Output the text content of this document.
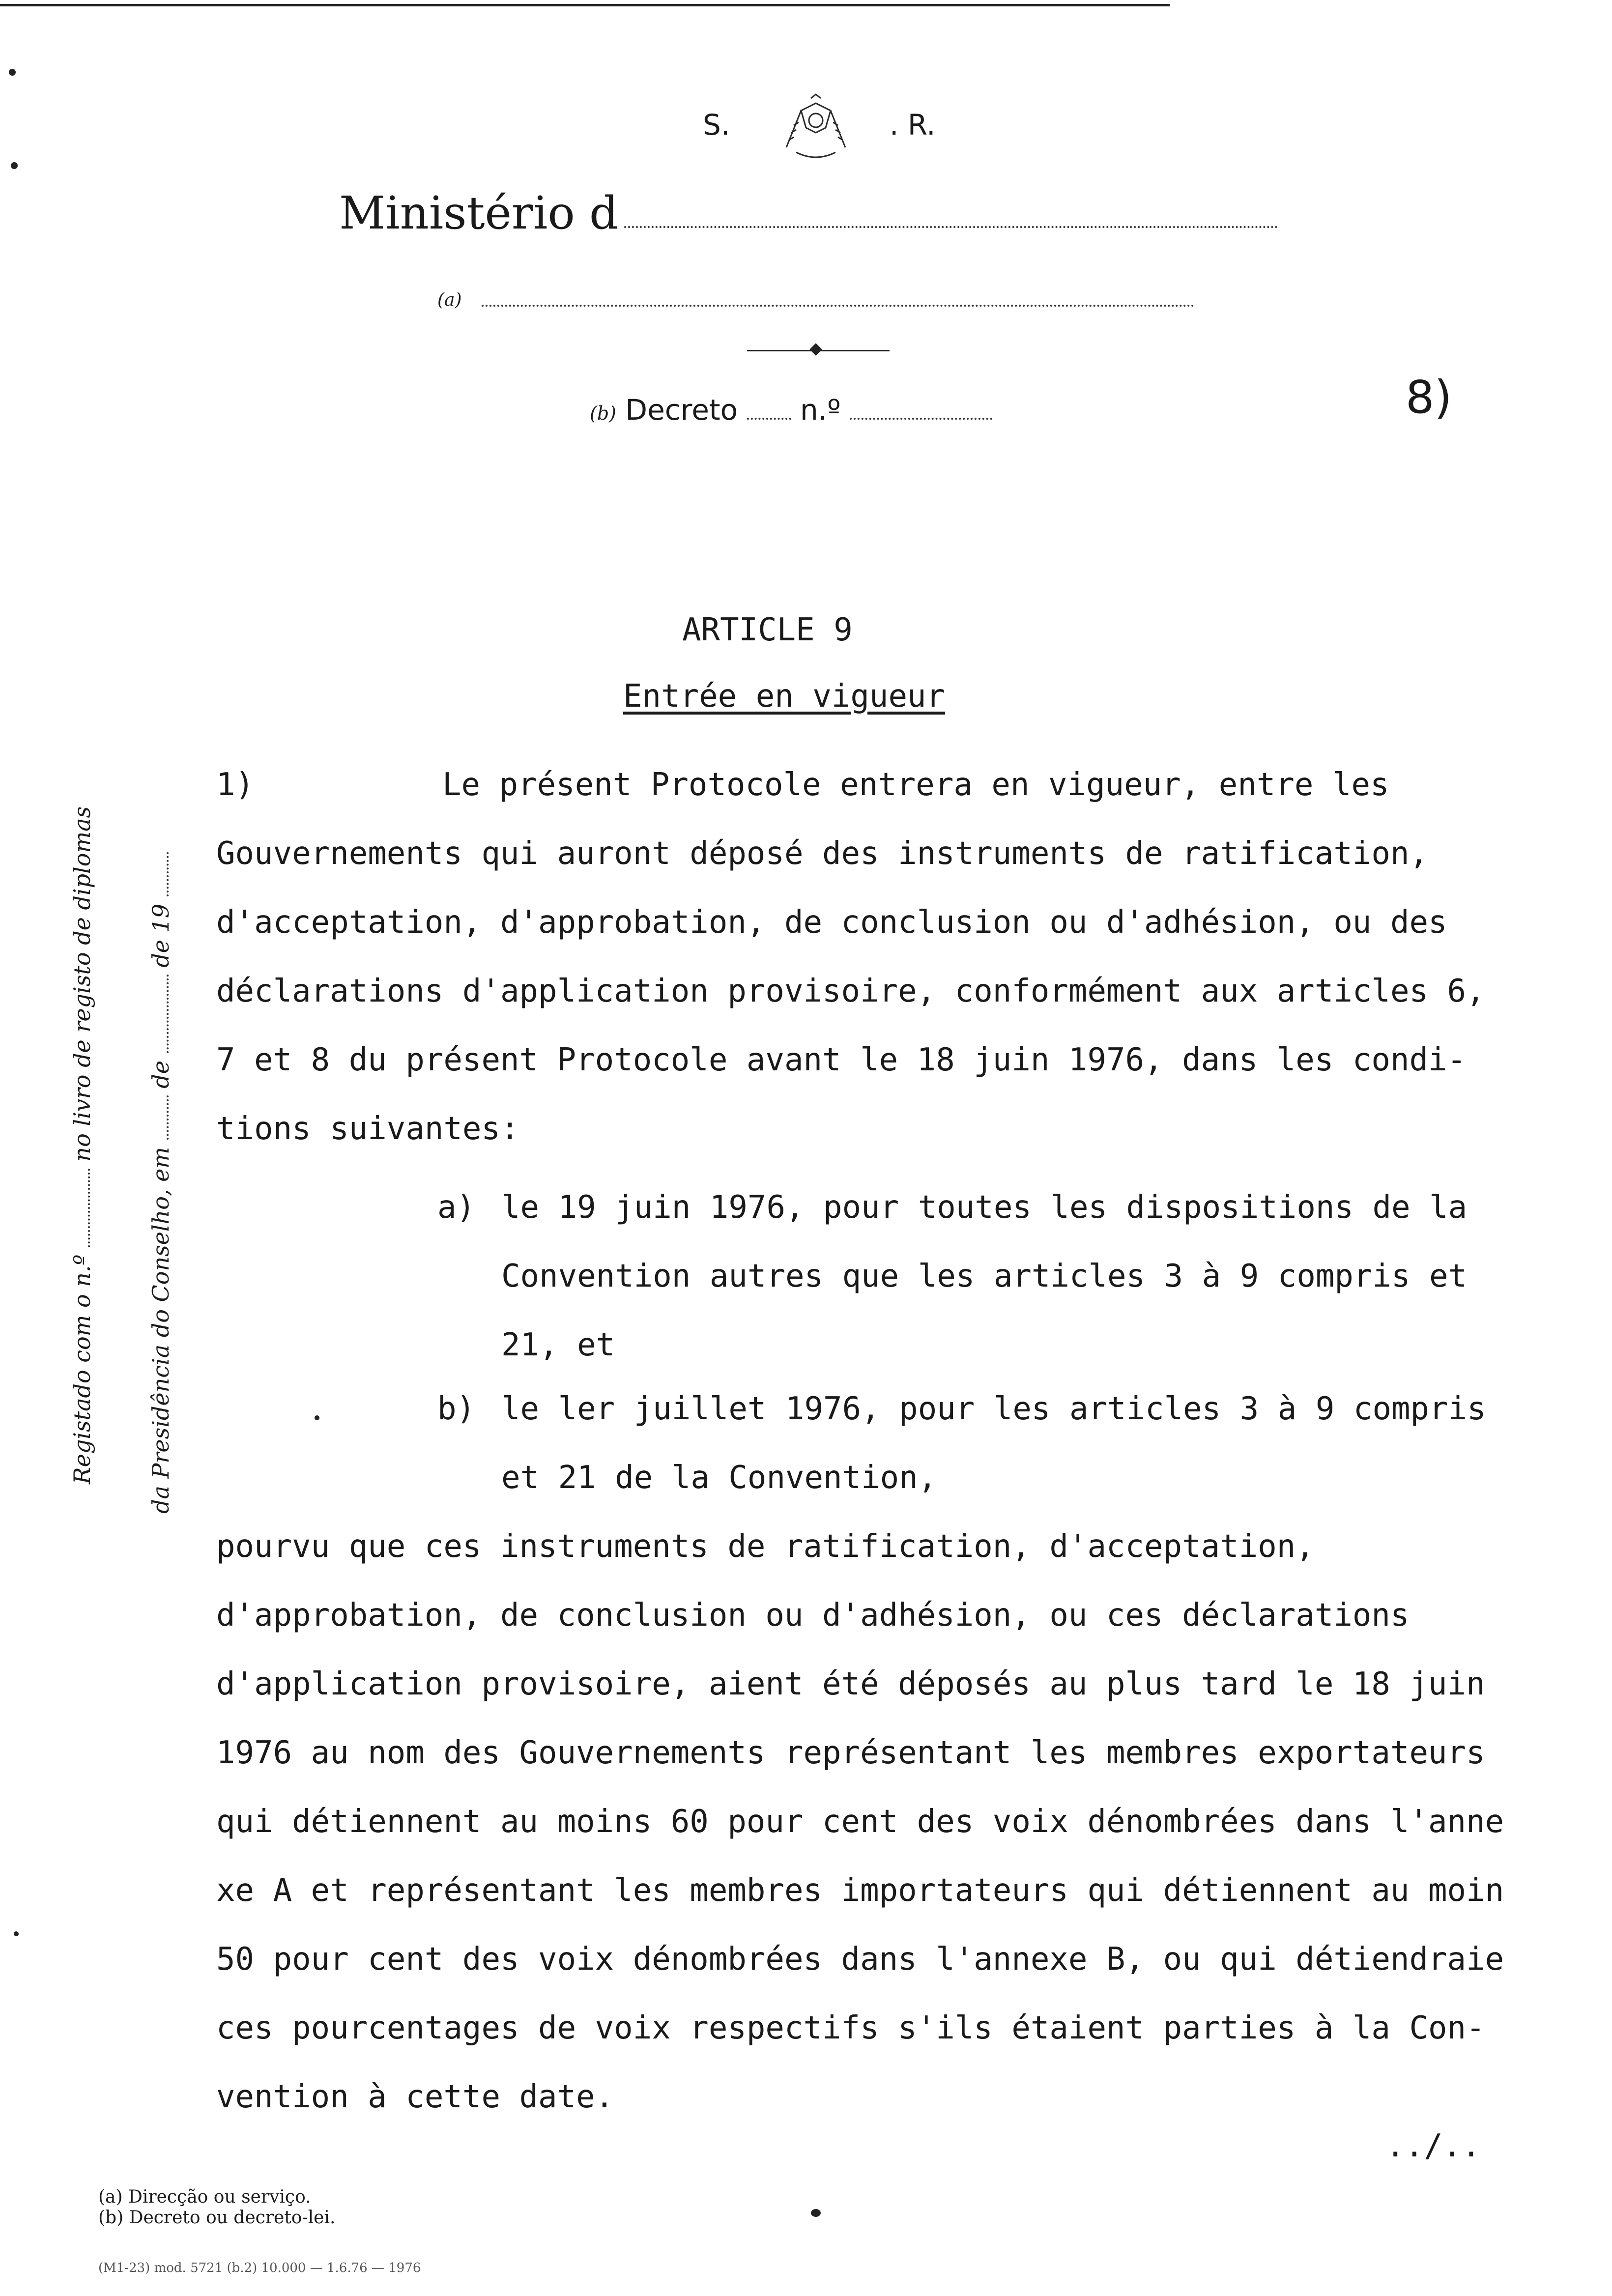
S.	. R.
Ministério d
(a)
(b) Decreto n.º	8)
Registado com o n.º  no livro de registo de diplomas
da Presidência do Conselho, em  de  de 19
ARTICLE 9
Entrée en vigueur
1)	Le présent Protocole entrera en vigueur, entre les
Gouvernements qui auront déposé des instruments de ratification,
d'acceptation, d'approbation, de conclusion ou d'adhésion, ou des
déclarations d'application provisoire, conformément aux articles 6,
7 et 8 du présent Protocole avant le 18 juin 1976, dans les condi-
tions suivantes:
a) le 19 juin 1976, pour toutes les dispositions de la
Convention autres que les articles 3 à 9 compris et
21, et
b) le ler juillet 1976, pour les articles 3 à 9 compris
et 21 de la Convention,
pourvu que ces instruments de ratification, d'acceptation,
d'approbation, de conclusion ou d'adhésion, ou ces déclarations
d'application provisoire, aient été déposés au plus tard le 18 juin
1976 au nom des Gouvernements représentant les membres exportateurs
qui détiennent au moins 60 pour cent des voix dénombrées dans l'anne
xe A et représentant les membres importateurs qui détiennent au moin
50 pour cent des voix dénombrées dans l'annexe B, ou qui détiendraie
ces pourcentages de voix respectifs s'ils étaient parties à la Con-
vention à cette date.
../..
(a) Direcção ou serviço.
(b) Decreto ou decreto-lei.
(M1-23) mod. 5721 (b.2) 10.000 — 1.6.76 — 1976
